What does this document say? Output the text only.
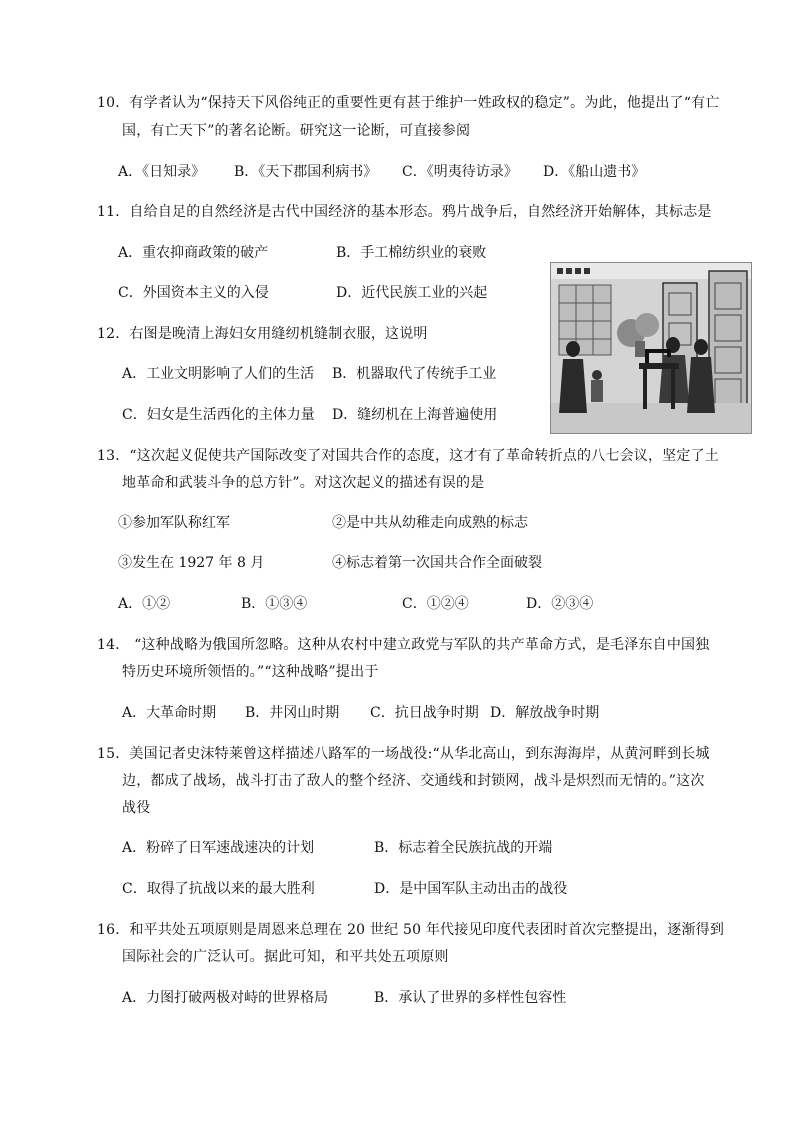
10．有学者认为“保持天下风俗纯正的重要性更有甚于维护一姓政权的稳定”。为此，他提出了“有亡
国，有亡天下”的著名论断。研究这一论断，可直接参阅
A．《日知录》 B．《天下郡国利病书》 C．《明夷待访录》 D．《船山遗书》
11．自给自足的自然经济是古代中国经济的基本形态。鸦片战争后，自然经济开始解体，其标志是
A．重农抑商政策的破产	B．手工棉纺织业的衰败
C．外国资本主义的入侵	D．近代民族工业的兴起
12．右图是晚清上海妇女用缝纫机缝制衣服，这说明
A．工业文明影响了人们的生活 B．机器取代了传统手工业
C．妇女是生活西化的主体力量 D．缝纫机在上海普遍使用
13．“这次起义促使共产国际改变了对国共合作的态度，这才有了革命转折点的八七会议，坚定了土
地革命和武装斗争的总方针”。对这次起义的描述有误的是
①参加军队称红军	②是中共从幼稚走向成熟的标志
③发生在 1927 年 8 月	④标志着第一次国共合作全面破裂
A．①②	B．①③④	C．①②④	D．②③④
14． “这种战略为俄国所忽略。这种从农村中建立政党与军队的共产革命方式，是毛泽东自中国独
特历史环境所领悟的。”“这种战略”提出于
A．大革命时期 B．井冈山时期 C．抗日战争时期 D．解放战争时期
15．美国记者史沫特莱曾这样描述八路军的一场战役:“从华北高山，到东海海岸，从黄河畔到长城
边，都成了战场，战斗打击了敌人的整个经济、交通线和封锁网，战斗是炽烈而无情的。”这次
战役
A．粉碎了日军速战速决的计划	B．标志着全民族抗战的开端
C．取得了抗战以来的最大胜利	D．是中国军队主动出击的战役
16．和平共处五项原则是周恩来总理在 20 世纪 50 年代接见印度代表团时首次完整提出，逐渐得到
国际社会的广泛认可。据此可知，和平共处五项原则
A．力图打破两极对峙的世界格局	B．承认了世界的多样性包容性
